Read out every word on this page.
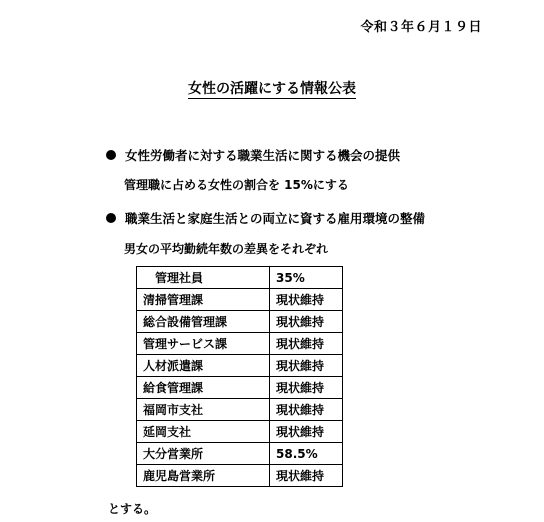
令和３年６月１９日
女性の活躍にする情報公表
女性労働者に対する職業生活に関する機会の提供
管理職に占める女性の割合を 15%にする
職業生活と家庭生活との両立に資する雇用環境の整備
男女の平均勤続年数の差異をそれぞれ
管理社員	35%
清掃管理課	現状維持
総合設備管理課	現状維持
管理サービス課	現状維持
人材派遣課	現状維持
給食管理課	現状維持
福岡市支社	現状維持
延岡支社	現状維持
大分営業所	58.5%
鹿児島営業所	現状維持
とする。
